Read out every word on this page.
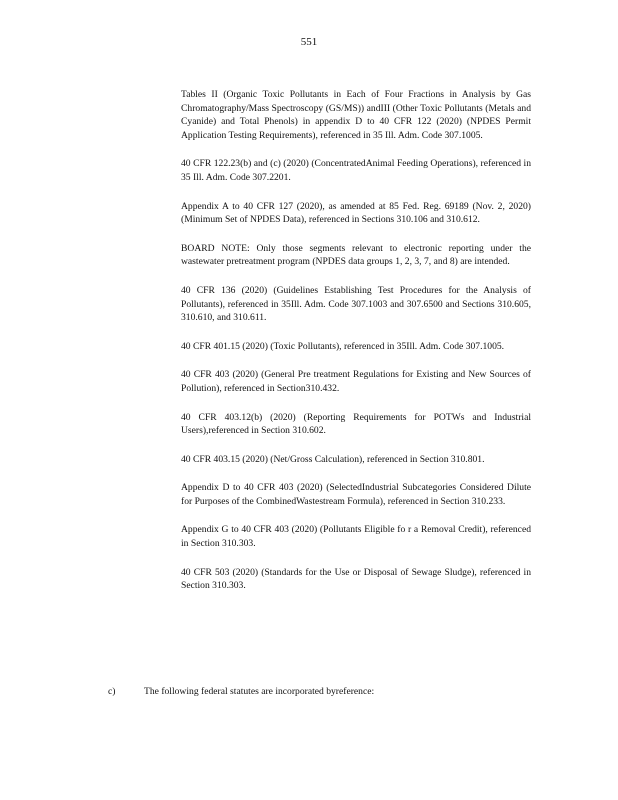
551

Tables II (Organic Toxic Pollutants in Each of Four Fractions in Analysis by Gas Chromatography/Mass Spectroscopy (GS/MS)) andIII (Other Toxic Pollutants (Metals and Cyanide) and Total Phenols) in appendix D to 40 CFR 122 (2020) (NPDES Permit Application Testing Requirements), referenced in 35 Ill. Adm. Code 307.1005.

40 CFR 122.23(b) and (c) (2020) (ConcentratedAnimal Feeding Operations), referenced in 35 Ill. Adm. Code 307.2201.

Appendix A to 40 CFR 127 (2020), as amended at 85 Fed. Reg. 69189 (Nov. 2, 2020) (Minimum Set of NPDES Data), referenced in Sections 310.106 and 310.612.

BOARD NOTE: Only those segments relevant to electronic reporting under the wastewater pretreatment program (NPDES data groups 1, 2, 3, 7, and 8) are intended.

40 CFR 136 (2020) (Guidelines Establishing Test Procedures for the Analysis of Pollutants), referenced in 35Ill. Adm. Code 307.1003 and 307.6500 and Sections 310.605, 310.610, and 310.611.

40 CFR 401.15 (2020) (Toxic Pollutants), referenced in 35Ill. Adm. Code 307.1005.

40 CFR 403 (2020) (General Pre treatment Regulations for Existing and New Sources of Pollution), referenced in Section310.432.

40 CFR 403.12(b) (2020) (Reporting Requirements for POTWs and Industrial Users),referenced in Section 310.602.

40 CFR 403.15 (2020) (Net/Gross Calculation), referenced in Section 310.801.

Appendix D to 40 CFR 403 (2020) (SelectedIndustrial Subcategories Considered Dilute for Purposes of the CombinedWastestream Formula), referenced in Section 310.233.

Appendix G to 40 CFR 403 (2020) (Pollutants Eligible fo r a Removal Credit), referenced in Section 310.303.

40 CFR 503 (2020) (Standards for the Use or Disposal of Sewage Sludge), referenced in Section 310.303.

c)	The following federal statutes are incorporated byreference:
